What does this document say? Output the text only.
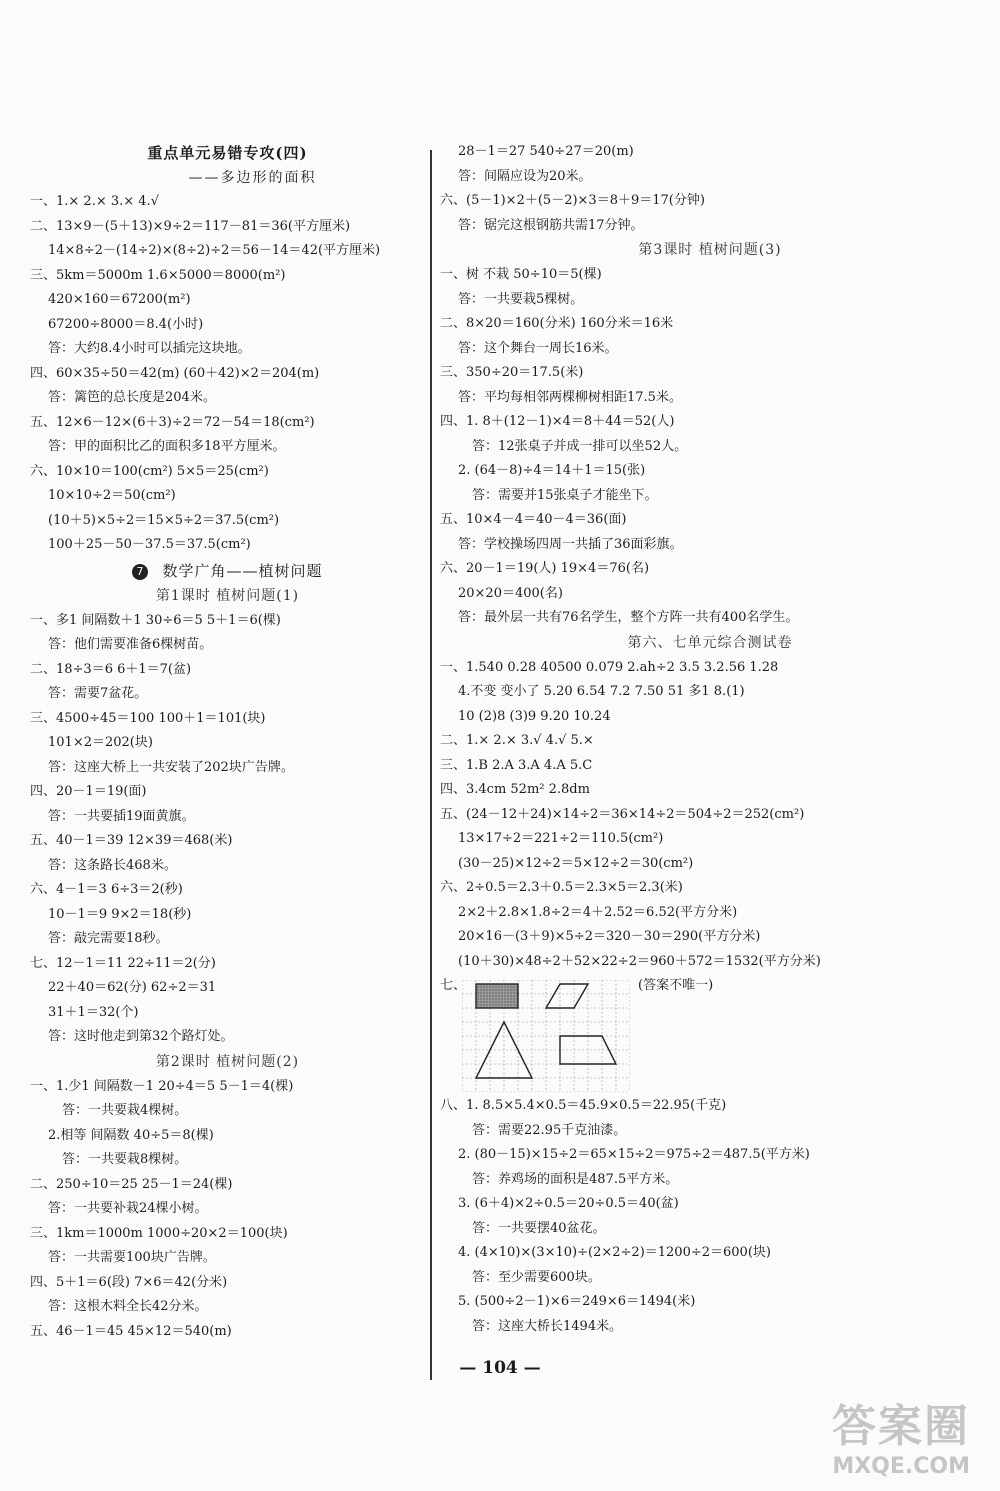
重点单元易错专攻(四)
——多边形的面积
一、1.× 2.× 3.× 4.√
二、13×9－(5＋13)×9÷2＝117－81＝36(平方厘米)
14×8÷2－(14÷2)×(8÷2)÷2＝56－14＝42(平方厘米)
三、5km＝5000m 1.6×5000＝8000(m²)
420×160＝67200(m²)
67200÷8000＝8.4(小时)
答：大约8.4小时可以插完这块地。
四、60×35÷50＝42(m) (60＋42)×2＝204(m)
答：篱笆的总长度是204米。
五、12×6－12×(6＋3)÷2＝72－54＝18(cm²)
答：甲的面积比乙的面积多18平方厘米。
六、10×10＝100(cm²) 5×5＝25(cm²)
10×10÷2＝50(cm²)
(10＋5)×5÷2＝15×5÷2＝37.5(cm²)
100＋25－50－37.5＝37.5(cm²)
7 数学广角——植树问题
第1课时 植树问题(1)
一、多1 间隔数＋1 30÷6＝5 5＋1＝6(棵)
答：他们需要准备6棵树苗。
二、18÷3＝6 6＋1＝7(盆)
答：需要7盆花。
三、4500÷45＝100 100＋1＝101(块)
101×2＝202(块)
答：这座大桥上一共安装了202块广告牌。
四、20－1＝19(面)
答：一共要插19面黄旗。
五、40－1＝39 12×39＝468(米)
答：这条路长468米。
六、4－1＝3 6÷3＝2(秒)
10－1＝9 9×2＝18(秒)
答：敲完需要18秒。
七、12－1＝11 22÷11＝2(分)
22＋40＝62(分) 62÷2＝31
31＋1＝32(个)
答：这时他走到第32个路灯处。
第2课时 植树问题(2)
一、1.少1 间隔数－1 20÷4＝5 5－1＝4(棵)
答：一共要栽4棵树。
2.相等 间隔数 40÷5＝8(棵)
答：一共要栽8棵树。
二、250÷10＝25 25－1＝24(棵)
答：一共要补栽24棵小树。
三、1km＝1000m 1000÷20×2＝100(块)
答：一共需要100块广告牌。
四、5＋1＝6(段) 7×6＝42(分米)
答：这根木料全长42分米。
五、46－1＝45 45×12＝540(m)
28－1＝27 540÷27＝20(m)
答：间隔应设为20米。
六、(5－1)×2＋(5－2)×3＝8＋9＝17(分钟)
答：锯完这根钢筋共需17分钟。
第3课时 植树问题(3)
一、树 不栽 50÷10＝5(棵)
答：一共要栽5棵树。
二、8×20＝160(分米) 160分米＝16米
答：这个舞台一周长16米。
三、350÷20＝17.5(米)
答：平均每相邻两棵柳树相距17.5米。
四、1. 8＋(12－1)×4＝8＋44＝52(人)
答：12张桌子并成一排可以坐52人。
2. (64－8)÷4＝14＋1＝15(张)
答：需要并15张桌子才能坐下。
五、10×4－4＝40－4＝36(面)
答：学校操场四周一共插了36面彩旗。
六、20－1＝19(人) 19×4＝76(名)
20×20＝400(名)
答：最外层一共有76名学生，整个方阵一共有400名学生。
第六、七单元综合测试卷
一、1.540 0.28 40500 0.079 2.ah÷2 3.5 3.2.56 1.28
4.不变 变小了 5.20 6.54 7.2 7.50 51 多1 8.(1)
10 (2)8 (3)9 9.20 10.24
二、1.× 2.× 3.√ 4.√ 5.×
三、1.B 2.A 3.A 4.A 5.C
四、3.4cm 52m² 2.8dm
五、(24－12＋24)×14÷2＝36×14÷2＝504÷2＝252(cm²)
13×17÷2＝221÷2＝110.5(cm²)
(30－25)×12÷2＝5×12÷2＝30(cm²)
六、2÷0.5＝2.3＋0.5＝2.3×5＝2.3(米)
2×2＋2.8×1.8÷2＝4＋2.52＝6.52(平方分米)
20×16－(3＋9)×5÷2＝320－30＝290(平方分米)
(10＋30)×48÷2＋52×22÷2＝960＋572＝1532(平方分米)
七、	(答案不唯一)
八、1. 8.5×5.4×0.5＝45.9×0.5＝22.95(千克)
答：需要22.95千克油漆。
2. (80－15)×15÷2＝65×15÷2＝975÷2＝487.5(平方米)
答：养鸡场的面积是487.5平方米。
3. (6＋4)×2÷0.5＝20÷0.5＝40(盆)
答：一共要摆40盆花。
4. (4×10)×(3×10)÷(2×2÷2)＝1200÷2＝600(块)
答：至少需要600块。
5. (500÷2－1)×6＝249×6＝1494(米)
答：这座大桥长1494米。
— 104 —
答案圈
MXQE.COM
